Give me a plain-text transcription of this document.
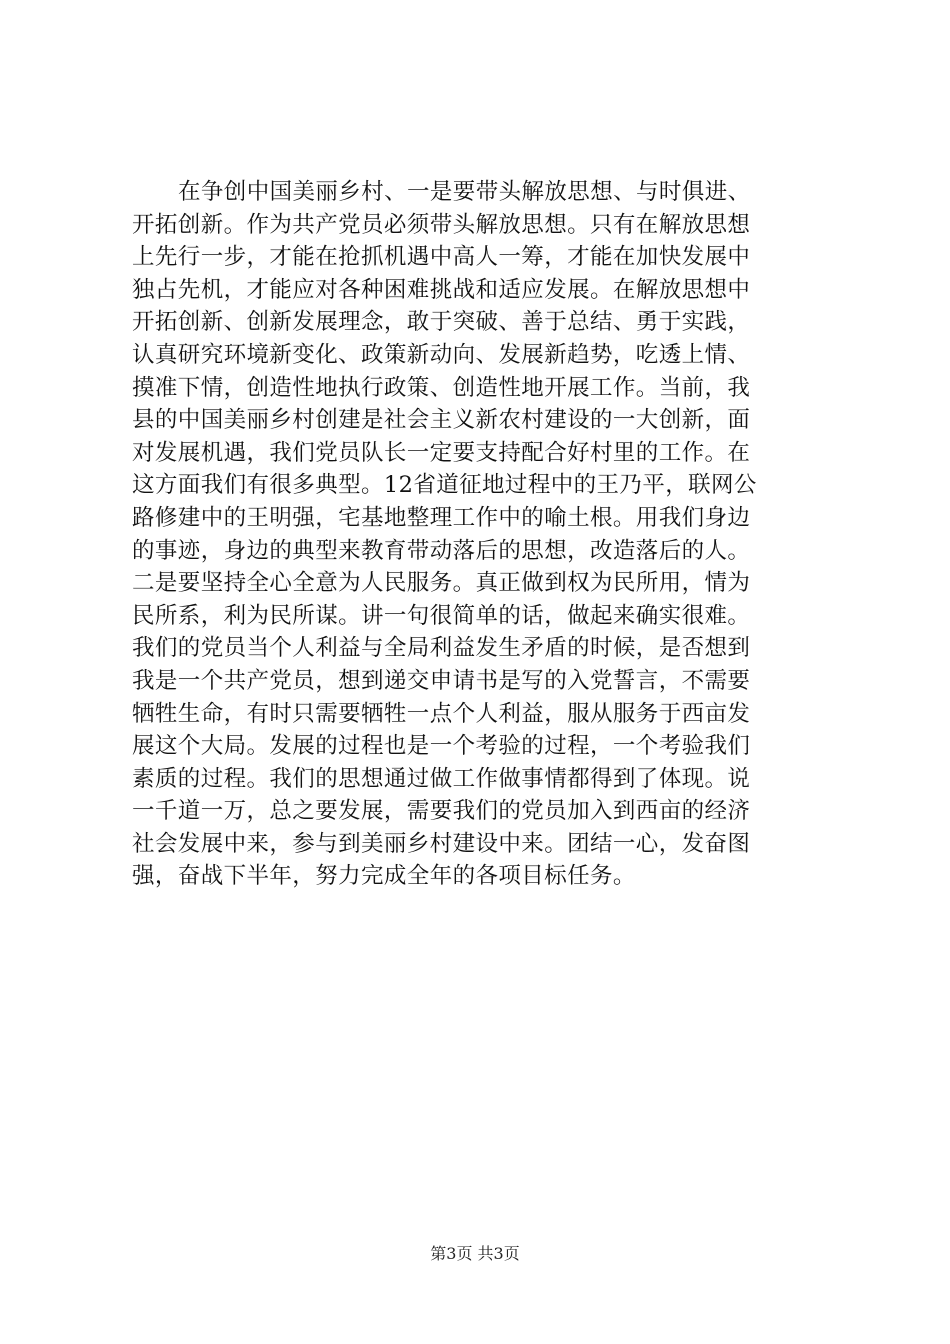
在争创中国美丽乡村、一是要带头解放思想、与时俱进、
开拓创新。作为共产党员必须带头解放思想。只有在解放思想
上先行一步，才能在抢抓机遇中高人一筹，才能在加快发展中
独占先机，才能应对各种困难挑战和适应发展。在解放思想中
开拓创新、创新发展理念，敢于突破、善于总结、勇于实践，
认真研究环境新变化、政策新动向、发展新趋势，吃透上情、
摸准下情，创造性地执行政策、创造性地开展工作。当前，我
县的中国美丽乡村创建是社会主义新农村建设的一大创新，面
对发展机遇，我们党员队长一定要支持配合好村里的工作。在
这方面我们有很多典型。12省道征地过程中的王乃平，联网公
路修建中的王明强，宅基地整理工作中的喻土根。用我们身边
的事迹，身边的典型来教育带动落后的思想，改造落后的人。
二是要坚持全心全意为人民服务。真正做到权为民所用，情为
民所系，利为民所谋。讲一句很简单的话，做起来确实很难。
我们的党员当个人利益与全局利益发生矛盾的时候，是否想到
我是一个共产党员，想到递交申请书是写的入党誓言，不需要
牺牲生命，有时只需要牺牲一点个人利益，服从服务于西亩发
展这个大局。发展的过程也是一个考验的过程，一个考验我们
素质的过程。我们的思想通过做工作做事情都得到了体现。说
一千道一万，总之要发展，需要我们的党员加入到西亩的经济
社会发展中来，参与到美丽乡村建设中来。团结一心，发奋图
强，奋战下半年，努力完成全年的各项目标任务。
第3页 共3页
